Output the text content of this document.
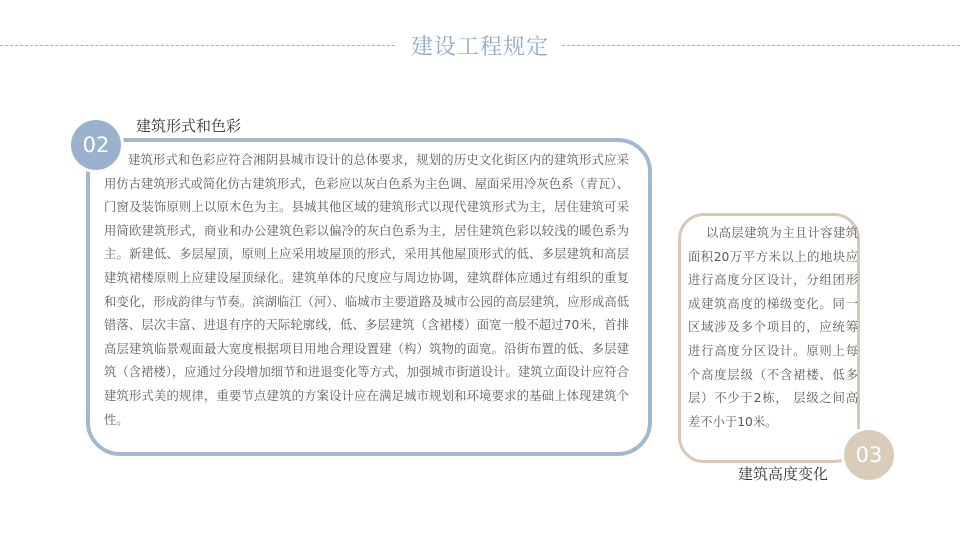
建设工程规定
建筑形式和色彩应符合湘阴县城市设计的总体要求，规划的历史文化街区内的建筑形式应采用仿古建筑形式或简化仿古建筑形式，色彩应以灰白色系为主色调、屋面采用冷灰色系（青瓦）、门窗及装饰原则上以原木色为主。县城其他区域的建筑形式以现代建筑形式为主，居住建筑可采用简欧建筑形式，商业和办公建筑色彩以偏冷的灰白色系为主，居住建筑色彩以较浅的暖色系为主。新建低、多层屋顶，原则上应采用坡屋顶的形式，采用其他屋顶形式的低、多层建筑和高层建筑裙楼原则上应建设屋顶绿化。建筑单体的尺度应与周边协调，建筑群体应通过有组织的重复和变化，形成韵律与节奏。滨湖临江（河）、临城市主要道路及城市公园的高层建筑，应形成高低错落、层次丰富、进退有序的天际轮廓线，低、多层建筑（含裙楼）面宽一般不超过70米，首排高层建筑临景观面最大宽度根据项目用地合理设置建（构）筑物的面宽。沿街布置的低、多层建筑（含裙楼），应通过分段增加细节和进退变化等方式，加强城市街道设计。建筑立面设计应符合建筑形式美的规律，重要节点建筑的方案设计应在满足城市规划和环境要求的基础上体现建筑个性。
02
建筑形式和色彩
以高层建筑为主且计容建筑面积20万平方米以上的地块应进行高度分区设计，分组团形成建筑高度的梯级变化。同一区域涉及多个项目的，应统筹进行高度分区设计。原则上每个高度层级（不含裙楼、低多层）不少于2栋， 层级之间高差不小于10米。
03
建筑高度变化
